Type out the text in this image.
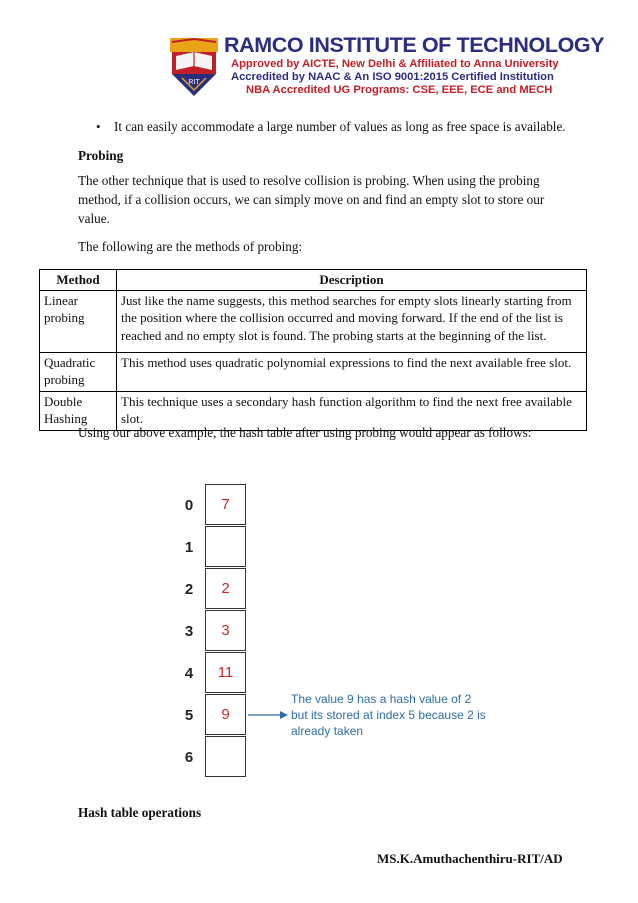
RIT
RAMCO INSTITUTE OF TECHNOLOGY
Approved by AICTE, New Delhi & Affiliated to Anna University
Accredited by NAAC & An ISO 9001:2015 Certified Institution
NBA Accredited UG Programs: CSE, EEE, ECE and MECH
•	It can easily accommodate a large number of values as long as free space is available.
Probing
The other technique that is used to resolve collision is probing. When using the probing method, if a collision occurs, we can simply move on and find an empty slot to store our value.
The following are the methods of probing:
Method	Description
Linear probing	Just like the name suggests, this method searches for empty slots linearly starting from the position where the collision occurred and moving forward. If the end of the list is reached and no empty slot is found. The probing starts at the beginning of the list.
Quadratic probing	This method uses quadratic polynomial expressions to find the next available free slot.
Double Hashing	This technique uses a secondary hash function algorithm to find the next free available slot.
Using our above example, the hash table after using probing would appear as follows:
0
1
2
3
4
5
6
7
2
3
11
9
The value 9 has a hash value of 2 but its stored at index 5 because 2 is already taken
Hash table operations
MS.K.Amuthachenthiru-RIT/AD
